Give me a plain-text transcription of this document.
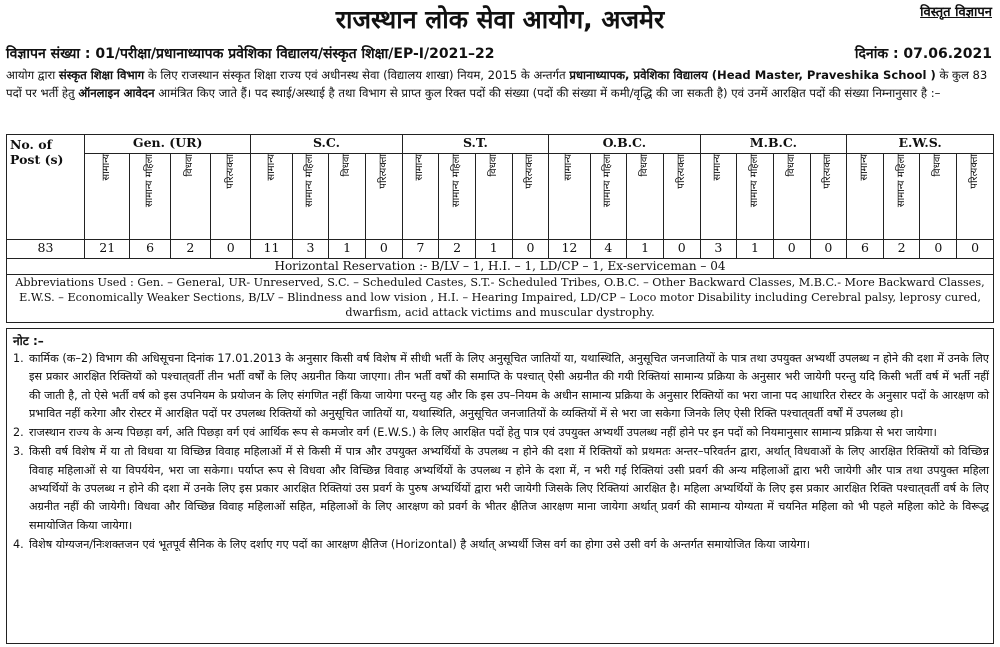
विस्तृत विज्ञापन
राजस्थान लोक सेवा आयोग, अजमेर
विज्ञापन संख्या : 01/परीक्षा/प्रधानाध्यापक प्रवेशिका विद्यालय/संस्कृत शिक्षा/EP-I/2021–22	दिनांक : 07.06.2021
आयोग द्वारा संस्कृत शिक्षा विभाग के लिए राजस्थान संस्कृत शिक्षा राज्य एवं अधीनस्थ सेवा (विद्यालय शाखा) नियम, 2015 के अन्तर्गत प्रधानाध्यापक, प्रवेशिका विद्यालय (Head Master, Praveshika School ) के कुल 83 पदों पर भर्ती हेतु ऑनलाइन आवेदन आमंत्रित किए जाते हैं। पद स्थाई/अस्थाई है तथा विभाग से प्राप्त कुल रिक्त पदों की संख्या (पदों की संख्या में कमी/वृद्धि की जा सकती है) एवं उनमें आरक्षित पदों की संख्या निम्नानुसार है :–
No. of Post (s)	Gen. (UR)				S.C.				S.T.				O.B.C.				M.B.C.				E.W.S.			
	सामान्य	सामान्य महिला	विधवा	परित्यक्ता	सामान्य	सामान्य महिला	विधवा	परित्यक्ता	सामान्य	सामान्य महिला	विधवा	परित्यक्ता	सामान्य	सामान्य महिला	विधवा	परित्यक्ता	सामान्य	सामान्य महिला	विधवा	परित्यक्ता	सामान्य	सामान्य महिला	विधवा	परित्यक्ता
83	21	6	2	0	11	3	1	0	7	2	1	0	12	4	1	0	3	1	0	0	6	2	0	0
Horizontal Reservation :- B/LV – 1, H.I. – 1, LD/CP – 1, Ex-serviceman – 04																								
Abbreviations Used : Gen. – General, UR- Unreserved, S.C. – Scheduled Castes, S.T.- Scheduled Tribes, O.B.C. – Other Backward Classes, M.B.C.- More Backward Classes, E.W.S. – Economically Weaker Sections, B/LV – Blindness and low vision , H.I. – Hearing Impaired, LD/CP – Loco motor Disability including Cerebral palsy, leprosy cured, dwarfism, acid attack victims and muscular dystrophy.																								
नोट :–
1. कार्मिक (क–2) विभाग की अधिसूचना दिनांक 17.01.2013 के अनुसार किसी वर्ष विशेष में सीधी भर्ती के लिए अनुसूचित जातियों या, यथास्थिति, अनुसूचित जनजातियों के पात्र तथा उपयुक्त अभ्यर्थी उपलब्ध न होने की दशा में उनके लिए इस प्रकार आरक्षित रिक्तियों को पश्चात्‌वर्ती तीन भर्ती वर्षों के लिए अग्रनीत किया जाएगा। तीन भर्ती वर्षों की समाप्ति के पश्चात्‌ ऐसी अग्रनीत की गयी रिक्तियां सामान्य प्रक्रिया के अनुसार भरी जायेगी परन्तु यदि किसी भर्ती वर्ष में भर्ती नहीं की जाती है, तो ऐसे भर्ती वर्ष को इस उपनियम के प्रयोजन के लिए संगणित नहीं किया जायेगा परन्तु यह और कि इस उप–नियम के अधीन सामान्य प्रक्रिया के अनुसार रिक्तियों का भरा जाना पद आधारित रोस्टर के अनुसार पदों के आरक्षण को प्रभावित नहीं करेगा और रोस्टर में आरक्षित पदों पर उपलब्ध रिक्तियों को अनुसूचित जातियों या, यथास्थिति, अनुसूचित जनजातियों के व्यक्तियों में से भरा जा सकेगा जिनके लिए ऐसी रिक्ति पश्चात्‌वर्ती वर्षों में उपलब्ध हो।
2. राजस्थान राज्य के अन्य पिछड़ा वर्ग, अति पिछड़ा वर्ग एवं आर्थिक रूप से कमजोर वर्ग (E.W.S.) के लिए आरक्षित पदों हेतु पात्र एवं उपयुक्त अभ्यर्थी उपलब्ध नहीं होने पर इन पदों को नियमानुसार सामान्य प्रक्रिया से भरा जायेगा।
3. किसी वर्ष विशेष में या तो विधवा या विच्छिन्न विवाह महिलाओं में से किसी में पात्र और उपयुक्त अभ्यर्थियों के उपलब्ध न होने की दशा में रिक्तियों को प्रथमतः अन्तर–परिवर्तन द्वारा, अर्थात्‌ विधवाओं के लिए आरक्षित रिक्तियों को विच्छिन्न विवाह महिलाओं से या विपर्ययेन, भरा जा सकेगा। पर्याप्त रूप से विधवा और विच्छिन्न विवाह अभ्यर्थियों के उपलब्ध न होने के दशा में, न भरी गई रिक्तियां उसी प्रवर्ग की अन्य महिलाओं द्वारा भरी जायेगी और पात्र तथा उपयुक्त महिला अभ्यर्थियों के उपलब्ध न होने की दशा में उनके लिए इस प्रकार आरक्षित रिक्तियां उस प्रवर्ग के पुरुष अभ्यर्थियों द्वारा भरी जायेगी जिसके लिए रिक्तियां आरक्षित है। महिला अभ्यर्थियों के लिए इस प्रकार आरक्षित रिक्ति पश्चात्‌वर्ती वर्ष के लिए अग्रनीत नहीं की जायेगी। विधवा और विच्छिन्न विवाह महिलाओं सहित, महिलाओं के लिए आरक्षण को प्रवर्ग के भीतर क्षैतिज आरक्षण माना जायेगा अर्थात्‌ प्रवर्ग की सामान्य योग्यता में चयनित महिला को भी पहले महिला कोटे के विरूद्ध समायोजित किया जायेगा।
4. विशेष योग्यजन/निःशक्तजन एवं भूतपूर्व सैनिक के लिए दर्शाए गए पदों का आरक्षण क्षैतिज (Horizontal) है अर्थात्‌ अभ्यर्थी जिस वर्ग का होगा उसे उसी वर्ग के अन्तर्गत समायोजित किया जायेगा।
